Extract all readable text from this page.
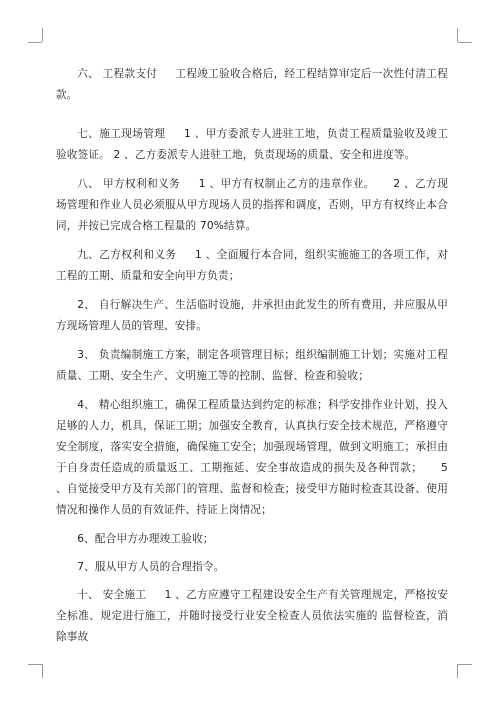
六、 工程款支付 　 工程竣工验收合格后，经工程结算审定后一次性付清工程款。

七、施工现场管理 　 1 、甲方委派专人进驻工地，负责工程质量验收及竣工验收签证。 2 、乙方委派专人进驻工地，负责现场的质量、安全和进度等。

八、 甲方权利和义务 　 1 、甲方有权制止乙方的违章作业。 　 2 、乙方现场管理和作业人员必须服从甲方现场人员的指挥和调度，否则，甲方有权终止本合同，并按已完成合格工程量的 70%结算。

九、乙方权利和义务 　 1 、全面履行本合同，组织实施施工的各项工作，对工程的工期、质量和安全向甲方负责；

2、 自行解决生产、生活临时设施，并承担由此发生的所有费用，并应服从甲方现场管理人员的管理、安排。

3、 负责编制施工方案，制定各项管理目标；组织编制施工计划；实施对工程质量、工期、安全生产、文明施工等的控制、监督、检查和验收；

4、 精心组织施工，确保工程质量达到约定的标准；科学安排作业计划，投入足够的人力，机具，保证工期；加强安全教育，认真执行安全技术规范，严格遵守安全制度，落实安全措施，确保施工安全；加强现场管理，做到文明施工；承担由于自身责任造成的质量返工、工期拖延、安全事故造成的损失及各种罚款； 　 5 、自觉接受甲方及有关部门的管理、监督和检查；接受甲方随时检查其设备、使用情况和操作人员的有效证件、持证上岗情况；

6、配合甲方办理竣工验收；

7、服从甲方人员的合理指令。

十、 安全施工 　 1 、乙方应遵守工程建设安全生产有关管理规定，严格按安全标准、规定进行施工，并随时接受行业安全检查人员依法实施的 监督检查，消除事故
